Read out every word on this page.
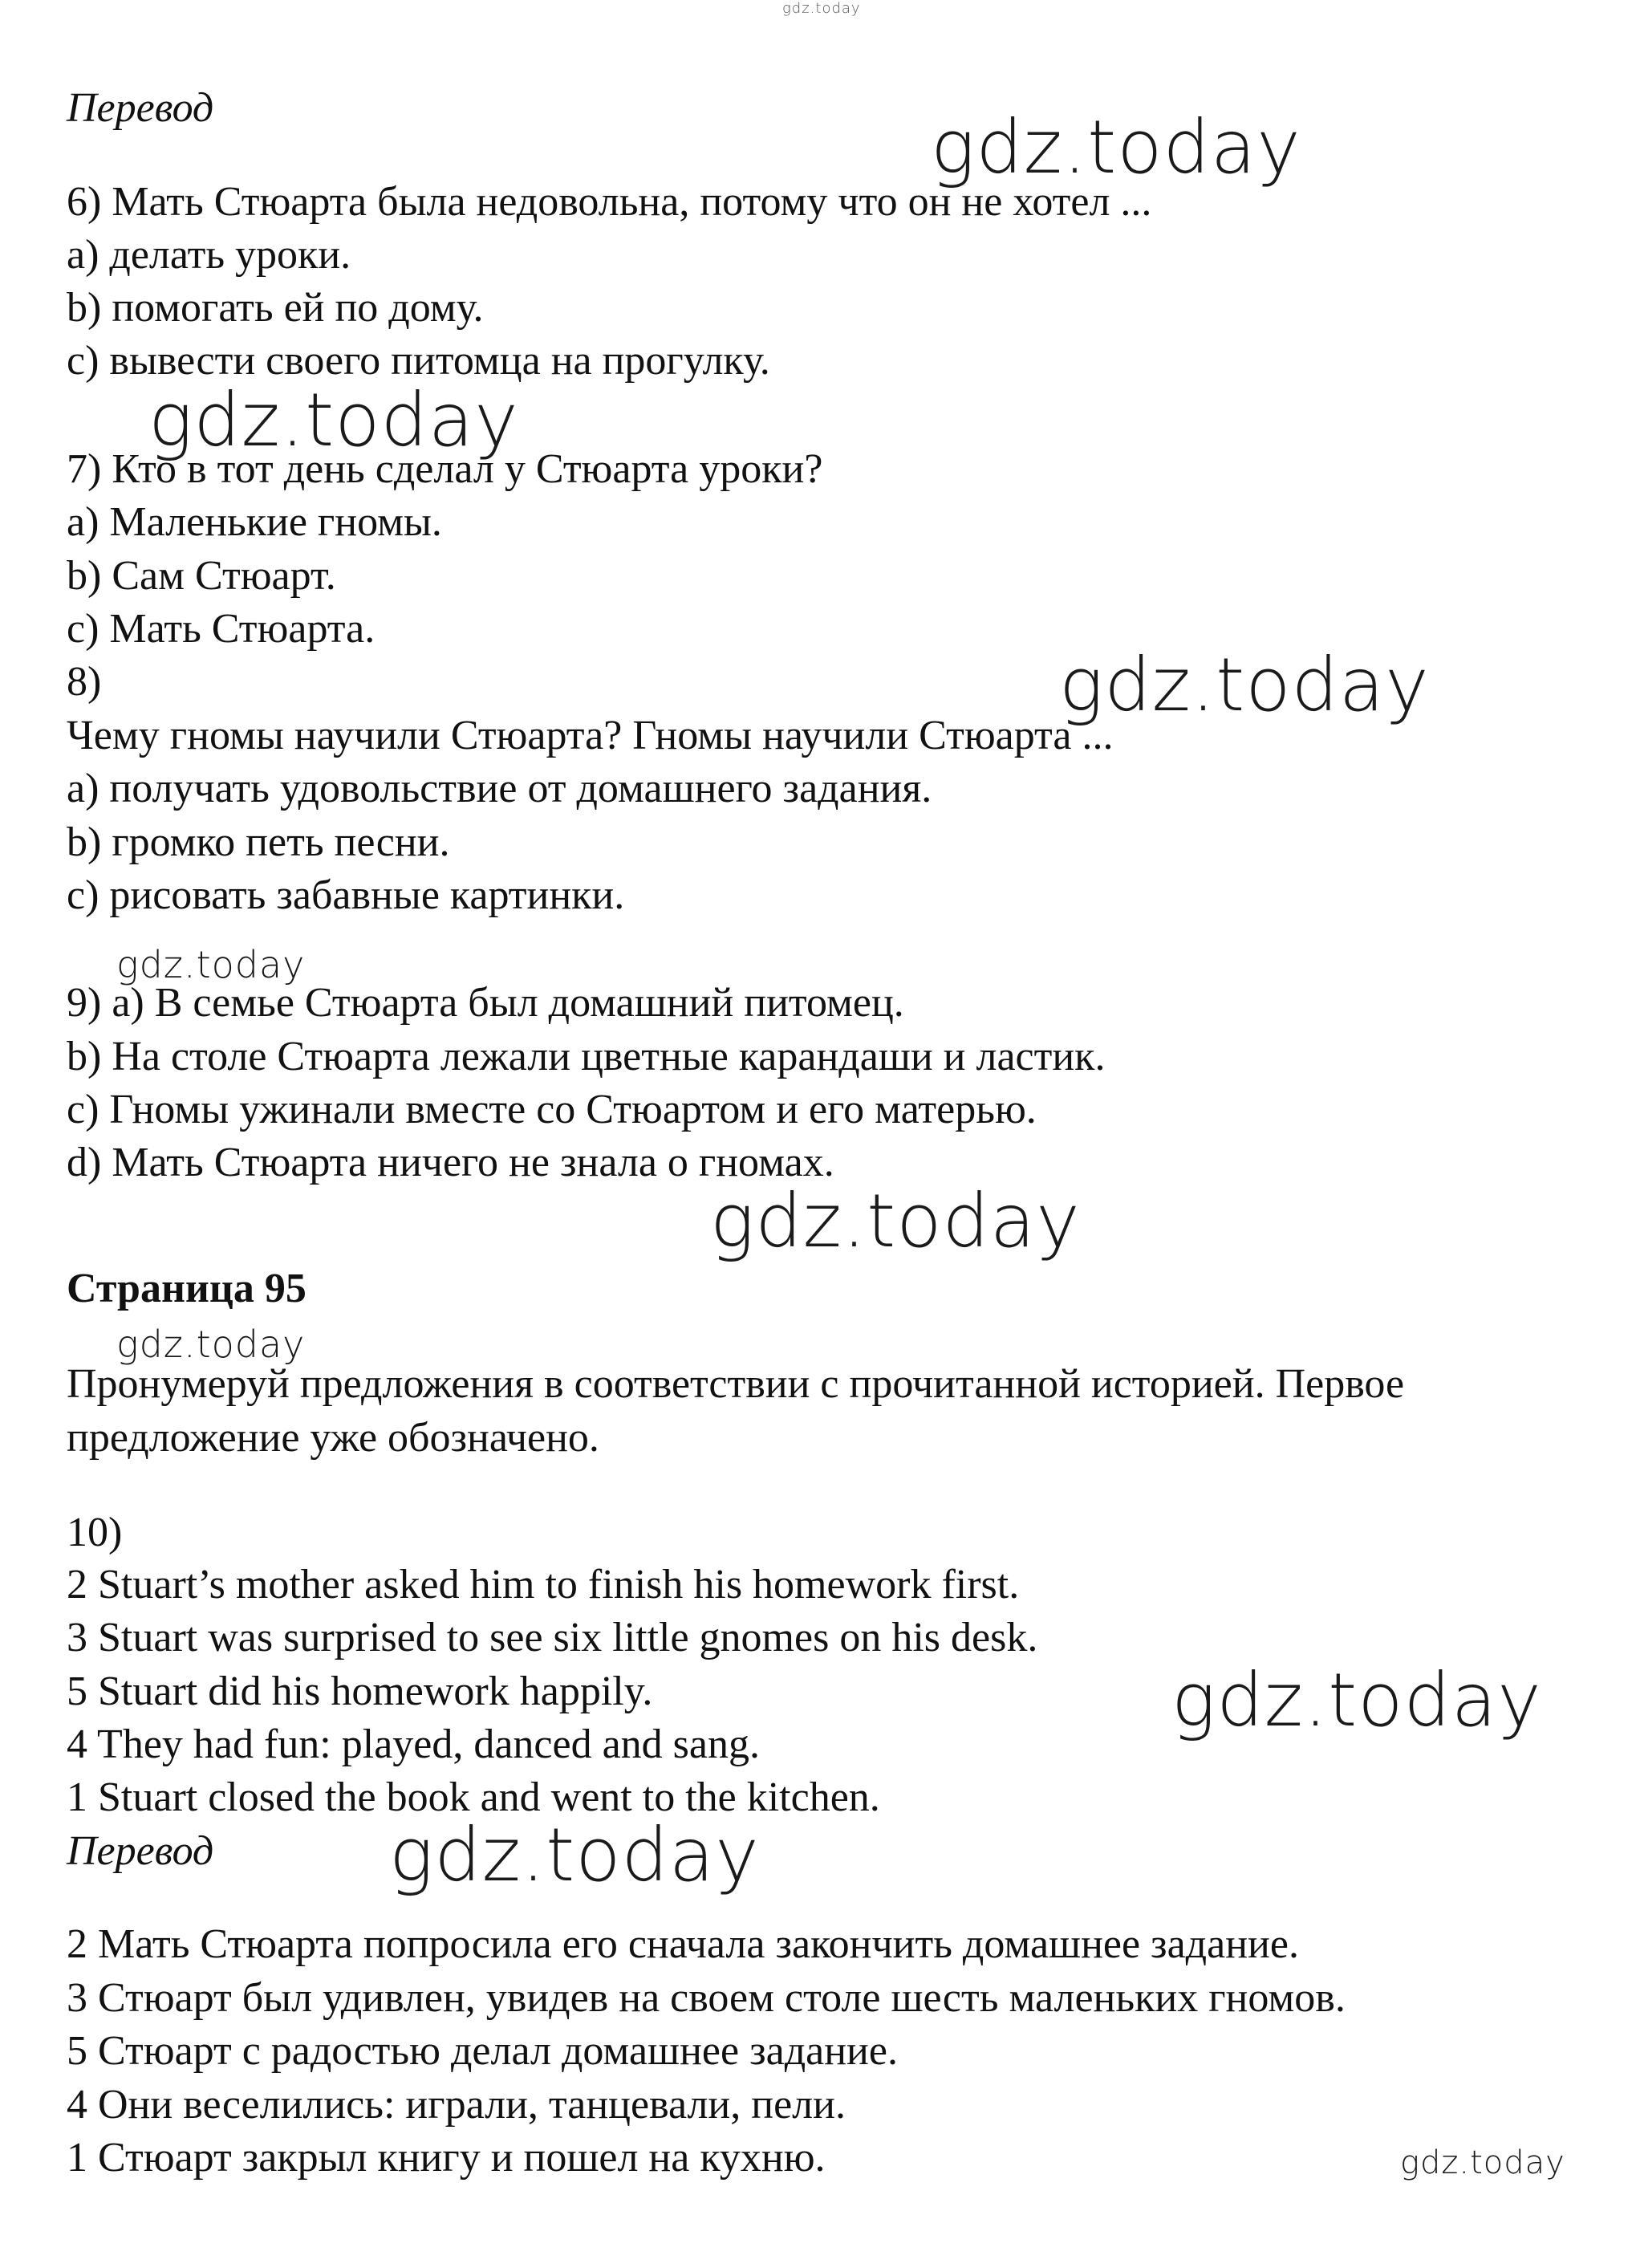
gdz.today
Перевод
6) Мать Стюарта была недовольна, потому что он не хотел ...
a) делать уроки.
b) помогать ей по дому.
c) вывести своего питомца на прогулку.
7) Кто в тот день сделал у Стюарта уроки?
a) Маленькие гномы.
b) Сам Стюарт.
c) Мать Стюарта.
8)
Чему гномы научили Стюарта? Гномы научили Стюарта ...
a) получать удовольствие от домашнего задания.
b) громко петь песни.
c) рисовать забавные картинки.
9) a) В семье Стюарта был домашний питомец.
b) На столе Стюарта лежали цветные карандаши и ластик.
c) Гномы ужинали вместе со Стюартом и его матерью.
d) Мать Стюарта ничего не знала о гномах.
Страница 95
Пронумеруй предложения в соответствии с прочитанной историей. Первое
предложение уже обозначено.
10)
2 Stuart’s mother asked him to finish his homework first.
3 Stuart was surprised to see six little gnomes on his desk.
5 Stuart did his homework happily.
4 They had fun: played, danced and sang.
1 Stuart closed the book and went to the kitchen.
Перевод
2 Мать Стюарта попросила его сначала закончить домашнее задание.
3 Стюарт был удивлен, увидев на своем столе шесть маленьких гномов.
5 Стюарт с радостью делал домашнее задание.
4 Они веселились: играли, танцевали, пели.
1 Стюарт закрыл книгу и пошел на кухню.
gdz.today
gdz.today
gdz.today
gdz.today
gdz.today
gdz.today
gdz.today
gdz.today
gdz.today
